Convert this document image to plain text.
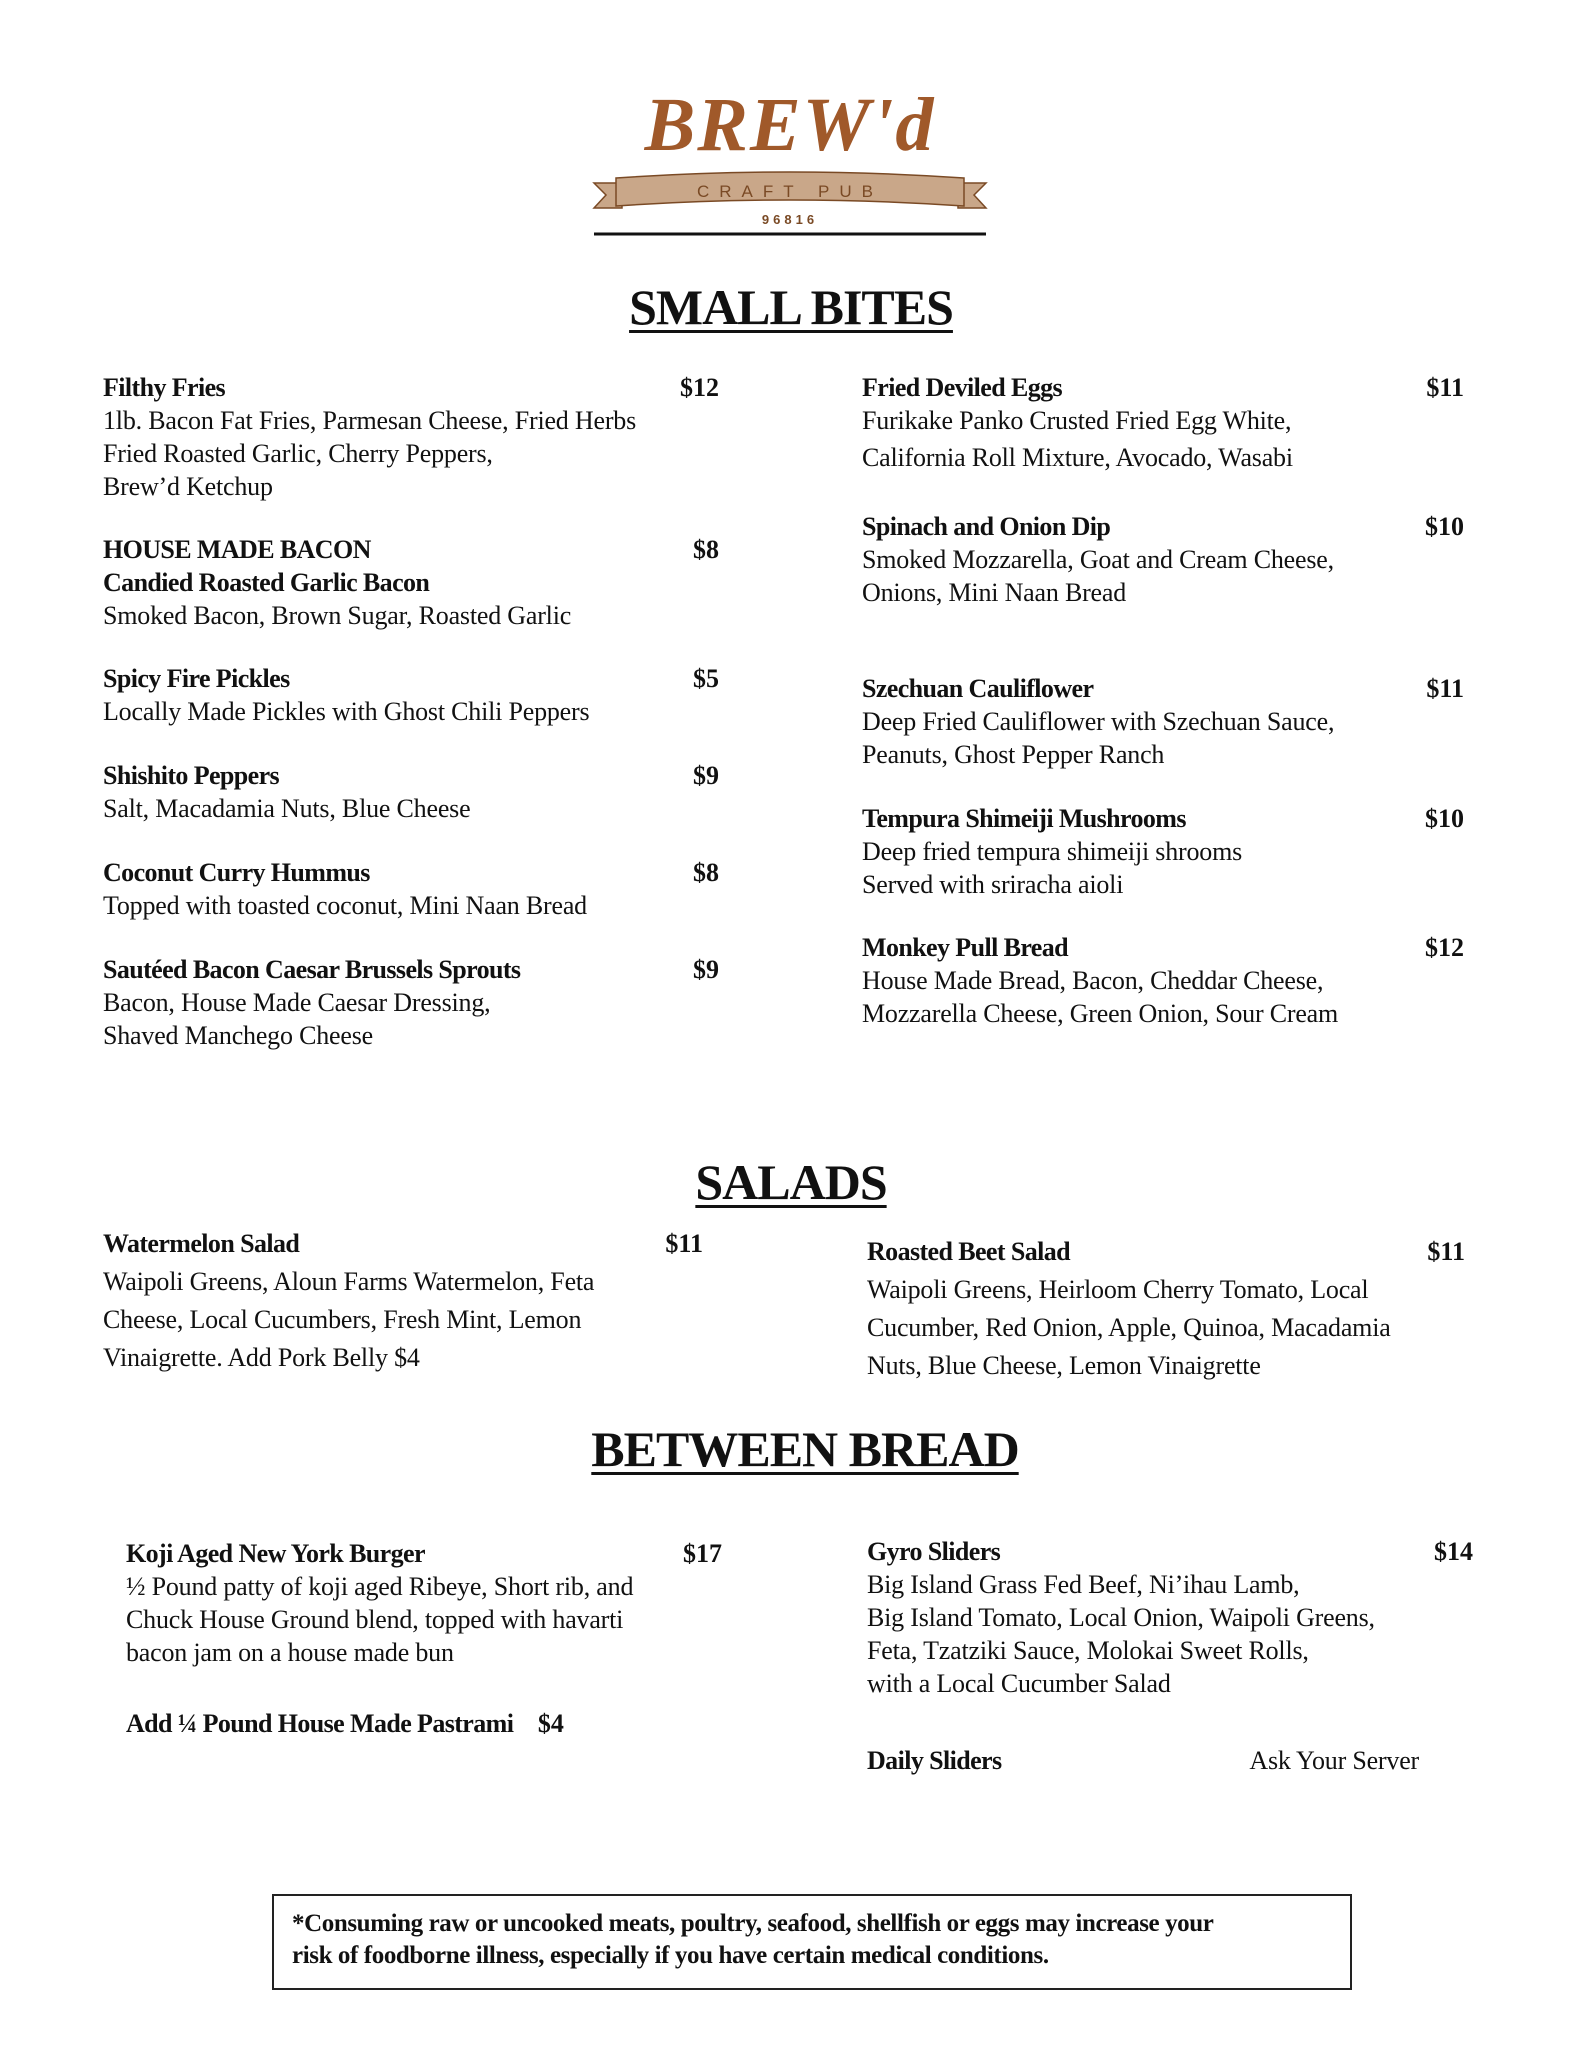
BREW'd
CRAFT PUB
96816
SMALL BITES
Filthy Fries	$12
1lb. Bacon Fat Fries, Parmesan Cheese, Fried Herbs
Fried Roasted Garlic, Cherry Peppers,
Brew’d Ketchup
HOUSE MADE BACON	$8
Candied Roasted Garlic Bacon
Smoked Bacon, Brown Sugar, Roasted Garlic
Spicy Fire Pickles	$5
Locally Made Pickles with Ghost Chili Peppers
Shishito Peppers	$9
Salt, Macadamia Nuts, Blue Cheese
Coconut Curry Hummus	$8
Topped with toasted coconut, Mini Naan Bread
Sautéed Bacon Caesar Brussels Sprouts	$9
Bacon, House Made Caesar Dressing,
Shaved Manchego Cheese
Fried Deviled Eggs	$11
Furikake Panko Crusted Fried Egg White,
California Roll Mixture, Avocado, Wasabi
Spinach and Onion Dip	$10
Smoked Mozzarella, Goat and Cream Cheese,
Onions, Mini Naan Bread
Szechuan Cauliflower	$11
Deep Fried Cauliflower with Szechuan Sauce,
Peanuts, Ghost Pepper Ranch
Tempura Shimeiji Mushrooms	$10
Deep fried tempura shimeiji shrooms
Served with sriracha aioli
Monkey Pull Bread	$12
House Made Bread, Bacon, Cheddar Cheese,
Mozzarella Cheese, Green Onion, Sour Cream
SALADS
Watermelon Salad	$11
Waipoli Greens, Aloun Farms Watermelon, Feta
Cheese, Local Cucumbers, Fresh Mint, Lemon
Vinaigrette. Add Pork Belly $4
Roasted Beet Salad	$11
Waipoli Greens, Heirloom Cherry Tomato, Local
Cucumber, Red Onion, Apple, Quinoa, Macadamia
Nuts, Blue Cheese, Lemon Vinaigrette
BETWEEN BREAD
Koji Aged New York Burger	$17
½ Pound patty of koji aged Ribeye, Short rib, and
Chuck House Ground blend, topped with havarti
bacon jam on a house made bun
Add ¼ Pound House Made Pastrami $4
Gyro Sliders	$14
Big Island Grass Fed Beef, Ni’ihau Lamb,
Big Island Tomato, Local Onion, Waipoli Greens,
Feta, Tzatziki Sauce, Molokai Sweet Rolls,
with a Local Cucumber Salad
Daily Sliders	Ask Your Server
*Consuming raw or uncooked meats, poultry, seafood, shellfish or eggs may increase your
risk of foodborne illness, especially if you have certain medical conditions.
